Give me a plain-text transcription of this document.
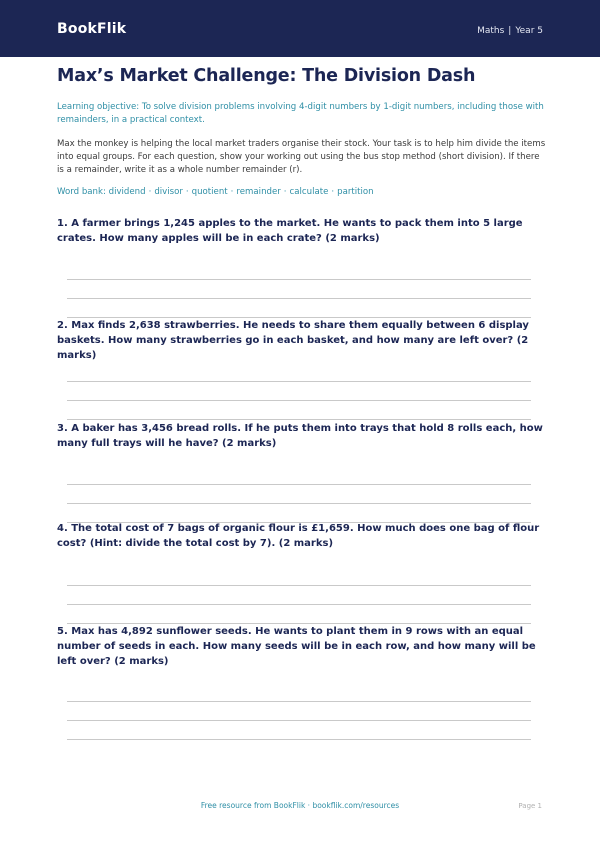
BookFlik	Maths | Year 5
Max’s Market Challenge: The Division Dash

Learning objective: To solve division problems involving 4-digit numbers by 1-digit numbers, including those with remainders, in a practical context.

Max the monkey is helping the local market traders organise their stock. Your task is to help him divide the items into equal groups. For each question, show your working out using the bus stop method (short division). If there is a remainder, write it as a whole number remainder (r).

Word bank: dividend · divisor · quotient · remainder · calculate · partition

1. A farmer brings 1,245 apples to the market. He wants to pack them into 5 large crates. How many apples will be in each crate? (2 marks)

2. Max finds 2,638 strawberries. He needs to share them equally between 6 display baskets. How many strawberries go in each basket, and how many are left over? (2 marks)

3. A baker has 3,456 bread rolls. If he puts them into trays that hold 8 rolls each, how many full trays will he have? (2 marks)

4. The total cost of 7 bags of organic flour is £1,659. How much does one bag of flour cost? (Hint: divide the total cost by 7). (2 marks)

5. Max has 4,892 sunflower seeds. He wants to plant them in 9 rows with an equal number of seeds in each. How many seeds will be in each row, and how many will be left over? (2 marks)

Free resource from BookFlik · bookflik.com/resources	Page 1
